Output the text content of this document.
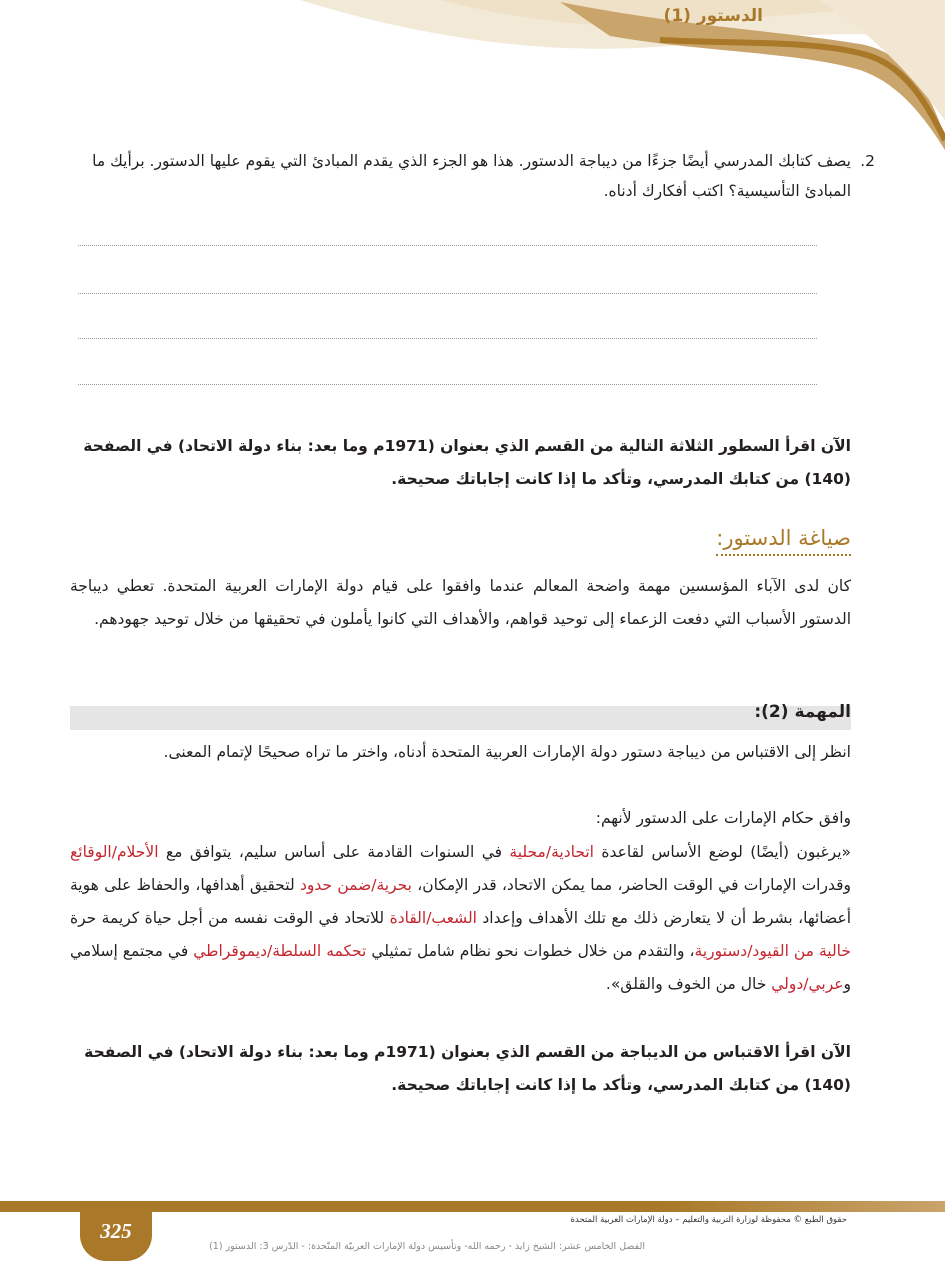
الدستور (1)
2.
يصف كتابك المدرسي أيضًا جزءًا من ديباجة الدستور. هذا هو الجزء الذي يقدم المبادئ التي يقوم عليها الدستور. برأيك ما المبادئ التأسيسية؟ اكتب أفكارك أدناه.
الآن اقرأ السطور الثلاثة التالية من القسم الذي بعنوان (1971م وما بعد: بناء دولة الاتحاد) في الصفحة (140) من كتابك المدرسي، وتأكد ما إذا كانت إجاباتك صحيحة.
صياغة الدستور:
كان لدى الآباء المؤسسين مهمة واضحة المعالم عندما وافقوا على قيام دولة الإمارات العربية المتحدة. تعطي ديباجة الدستور الأسباب التي دفعت الزعماء إلى توحيد قواهم، والأهداف التي كانوا يأملون في تحقيقها من خلال توحيد جهودهم.
المهمة (2):
انظر إلى الاقتباس من ديباجة دستور دولة الإمارات العربية المتحدة أدناه، واختر ما تراه صحيحًا لإتمام المعنى.
وافق حكام الإمارات على الدستور لأنهم:
«يرغبون (أيضًا) لوضع الأساس لقاعدة اتحادية/محلية في السنوات القادمة على أساس سليم، يتوافق مع الأحلام/الوقائع وقدرات الإمارات في الوقت الحاضر، مما يمكن الاتحاد، قدر الإمكان، بحرية/ضمن حدود لتحقيق أهدافها، والحفاظ على هوية أعضائها، بشرط أن لا يتعارض ذلك مع تلك الأهداف وإعداد الشعب/القادة للاتحاد في الوقت نفسه من أجل حياة كريمة حرة خالية من القيود/دستورية، والتقدم من خلال خطوات نحو نظام شامل تمثيلي تحكمه السلطة/ديموقراطي في مجتمع إسلامي وعربي/دولي خال من الخوف والقلق».
الآن اقرأ الاقتباس من الديباجة من القسم الذي بعنوان (1971م وما بعد: بناء دولة الاتحاد) في الصفحة (140) من كتابك المدرسي، وتأكد ما إذا كانت إجاباتك صحيحة.
325	حقوق الطبع © محفوظة لوزارة التربية والتعليم – دولة الإمارات العربية المتحدة
الفصل الخامس عشر: الشيخ زايد - رحمه الله- وتأسيس دولة الإمارات العربيّة المتّحدة: - الدّرس 3: الدستور (1)
